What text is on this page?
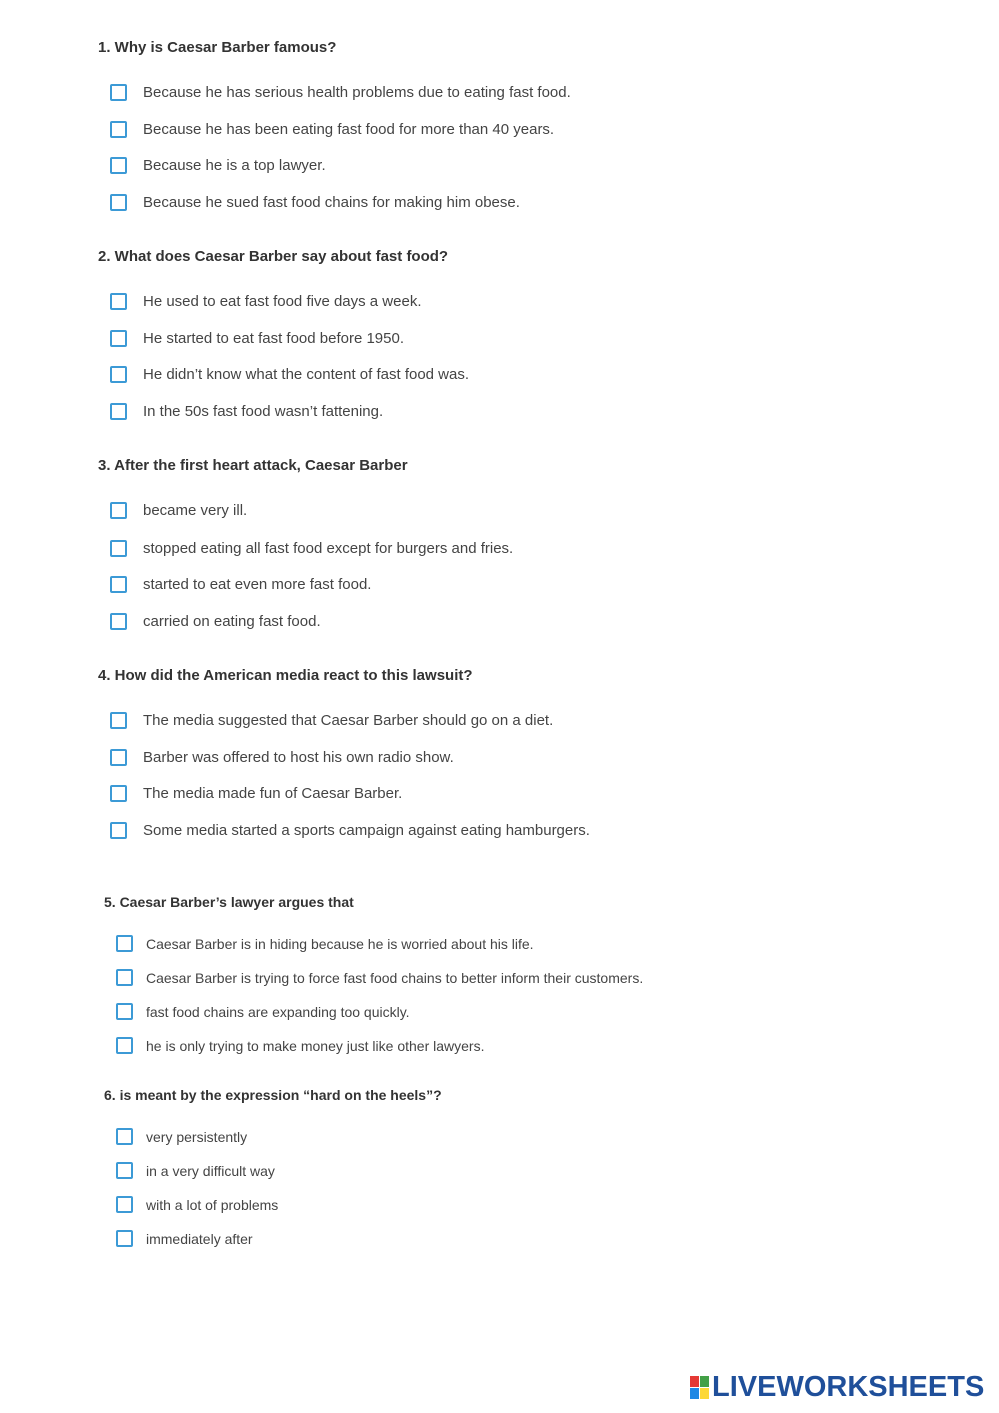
1. Why is Caesar Barber famous?
Because he has serious health problems due to eating fast food.
Because he has been eating fast food for more than 40 years.
Because he is a top lawyer.
Because he sued fast food chains for making him obese.
2. What does Caesar Barber say about fast food?
He used to eat fast food five days a week.
He started to eat fast food before 1950.
He didn’t know what the content of fast food was.
In the 50s fast food wasn’t fattening.
3. After the first heart attack, Caesar Barber
became very ill.
stopped eating all fast food except for burgers and fries.
started to eat even more fast food.
carried on eating fast food.
4. How did the American media react to this lawsuit?
The media suggested that Caesar Barber should go on a diet.
Barber was offered to host his own radio show.
The media made fun of Caesar Barber.
Some media started a sports campaign against eating hamburgers.
5. Caesar Barber’s lawyer argues that
Caesar Barber is in hiding because he is worried about his life.
Caesar Barber is trying to force fast food chains to better inform their customers.
fast food chains are expanding too quickly.
he is only trying to make money just like other lawyers.
6. is meant by the expression “hard on the heels”?
very persistently
in a very difficult way
with a lot of problems
immediately after
LIVEWORKSHEETS
